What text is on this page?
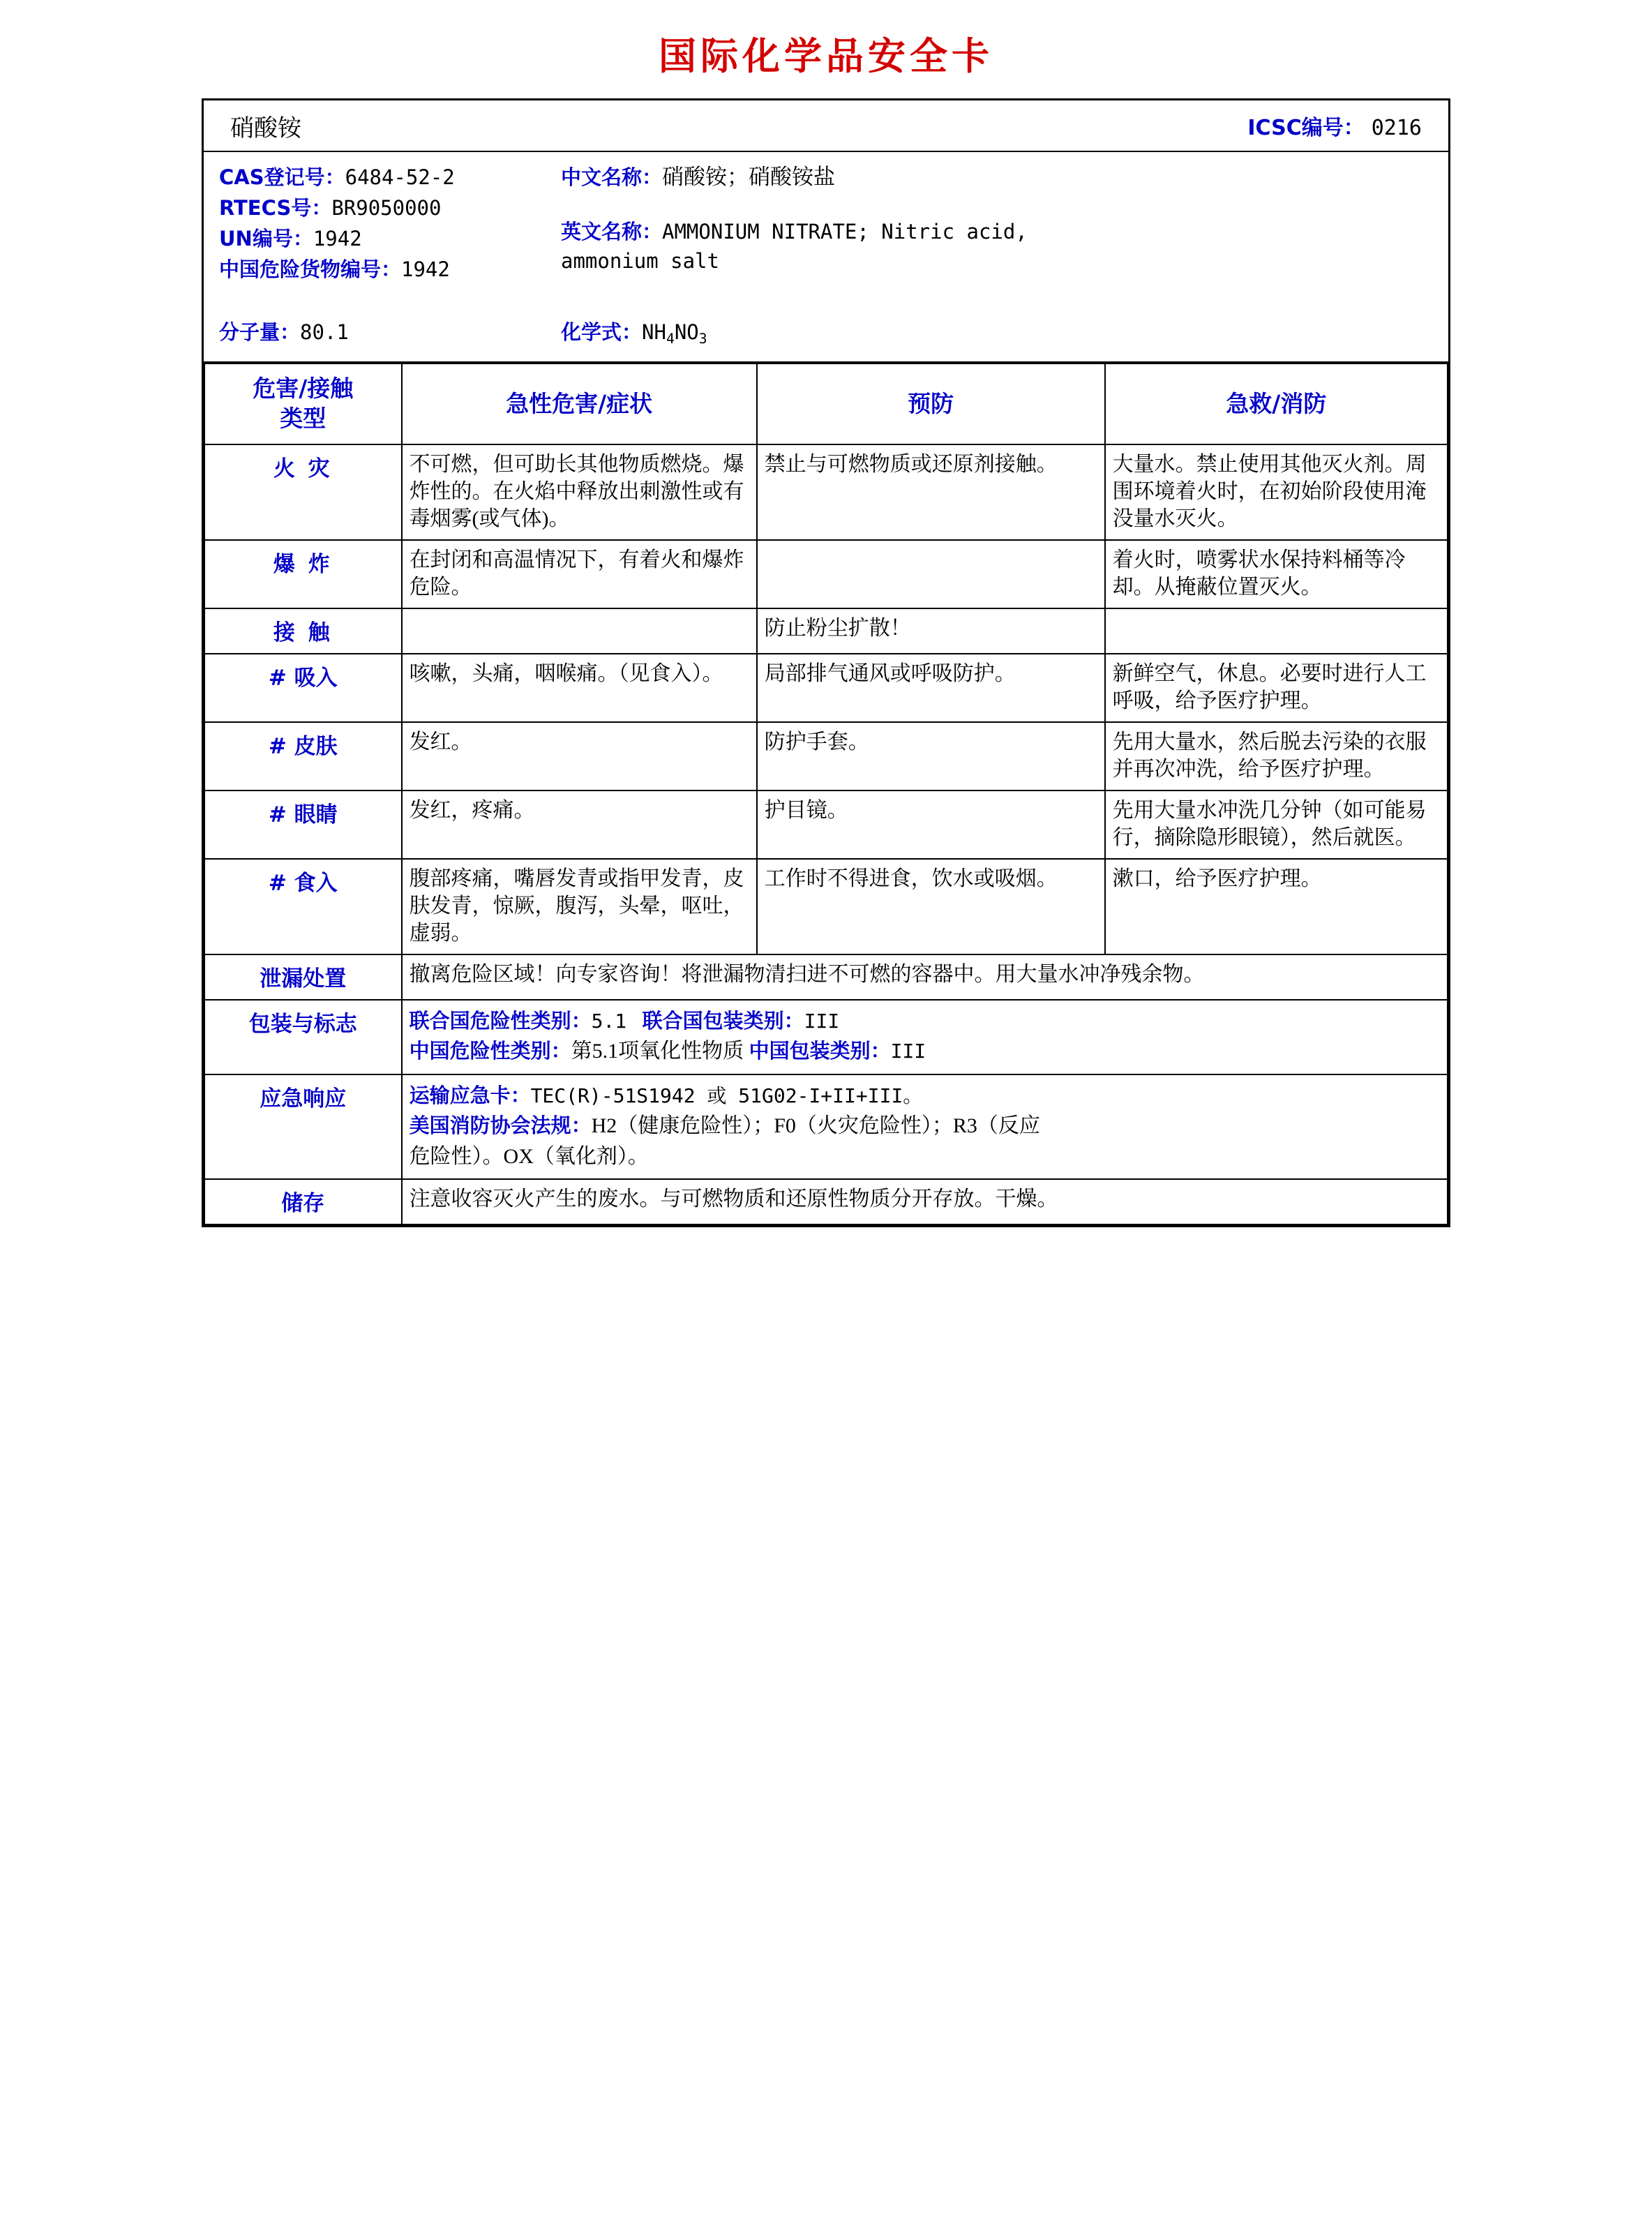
国际化学品安全卡
硝酸铵	ICSC编号： 0216
CAS登记号：6484-52-2
RTECS号：BR9050000
UN编号：1942
中国危险货物编号：1942
中文名称：硝酸铵；硝酸铵盐
英文名称：AMMONIUM NITRATE; Nitric acid,
ammonium salt
分子量：80.1	化学式：$NH_4NO_3$
危害/接触
类型	急性危害/症状	预防	急救/消防
火 灾	不可燃，但可助长其他物质燃烧。爆炸性的。在火焰中释放出刺激性或有毒烟雾(或气体)。	禁止与可燃物质或还原剂接触。	大量水。禁止使用其他灭火剂。周围环境着火时，在初始阶段使用淹没量水灭火。
爆 炸	在封闭和高温情况下，有着火和爆炸危险。		着火时，喷雾状水保持料桶等冷却。从掩蔽位置灭火。
接 触		防止粉尘扩散！	
# 吸入	咳嗽，头痛，咽喉痛。（见食入）。	局部排气通风或呼吸防护。	新鲜空气，休息。必要时进行人工呼吸，给予医疗护理。
# 皮肤	发红。	防护手套。	先用大量水，然后脱去污染的衣服并再次冲洗，给予医疗护理。
# 眼睛	发红，疼痛。	护目镜。	先用大量水冲洗几分钟（如可能易行，摘除隐形眼镜），然后就医。
# 食入	腹部疼痛，嘴唇发青或指甲发青，皮肤发青，惊厥，腹泻，头晕，呕吐，虚弱。	工作时不得进食，饮水或吸烟。	漱口，给予医疗护理。
泄漏处置	撤离危险区域！向专家咨询！将泄漏物清扫进不可燃的容器中。用大量水冲净残余物。		
包装与标志	联合国危险性类别：5.1 联合国包装类别：III
中国危险性类别：第5.1项氧化性物质 中国包装类别：III		

应急响应	运输应急卡：TEC(R)-51S1942 或 51G02-I+II+III。
美国消防协会法规：H2（健康危险性）；F0（火灾危险性）；R3（反应
危险性）。OX（氧化剂）。		

储存	注意收容灭火产生的废水。与可燃物质和还原性物质分开存放。干燥。		
